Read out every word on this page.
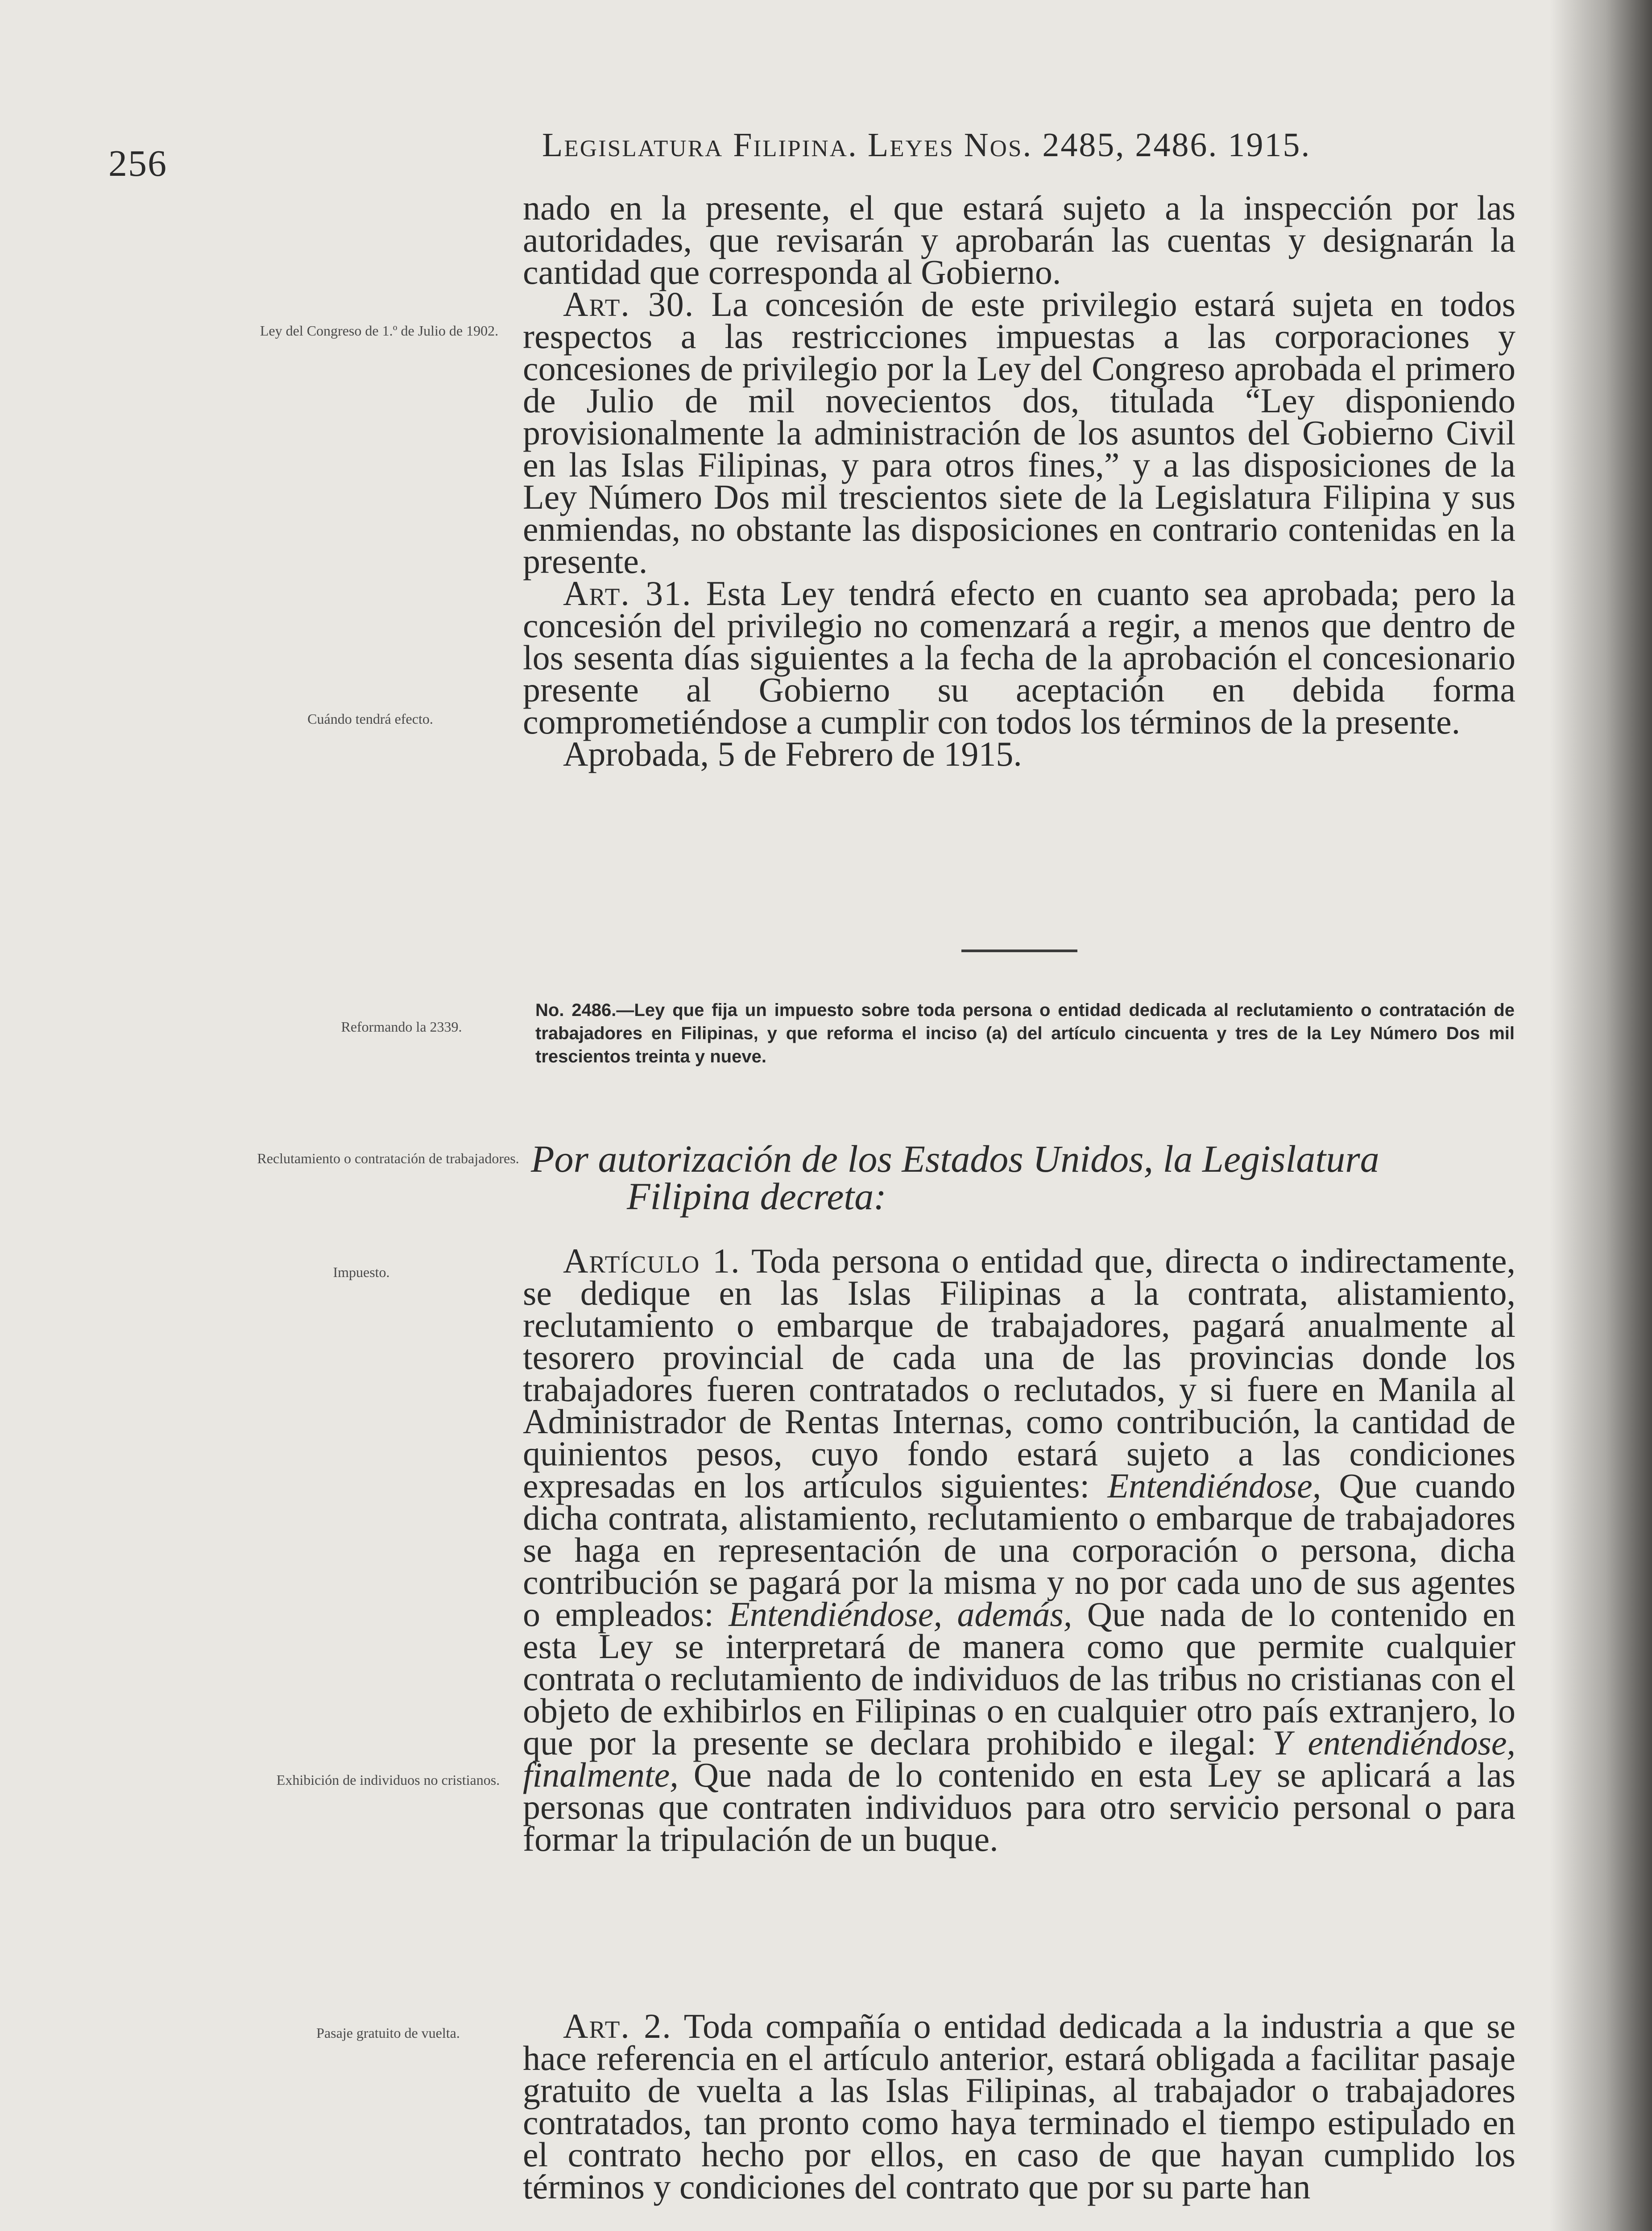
256	Legislatura Filipina. Leyes Nos. 2485, 2486. 1915.
Ley del Congreso de 1.º de Julio de 1902.
Cuándo tendrá efecto.
Reformando la 2339.
Reclutamiento o contratación de trabajadores.
Impuesto.
Exhibición de individuos no cristianos.
Pasaje gratuito de vuelta.

nado en la presente, el que estará sujeto a la inspección por las autoridades, que revisarán y aprobarán las cuentas y designarán la cantidad que corresponda al Gobierno.

Art. 30. La concesión de este privilegio estará sujeta en todos respectos a las restricciones impuestas a las corporaciones y concesiones de privilegio por la Ley del Congreso aprobada el primero de Julio de mil novecientos dos, titulada “Ley disponiendo provisionalmente la administración de los asuntos del Gobierno Civil en las Islas Filipinas, y para otros fines,” y a las disposiciones de la Ley Número Dos mil trescientos siete de la Legislatura Filipina y sus enmiendas, no obstante las disposiciones en contrario contenidas en la presente.

Art. 31. Esta Ley tendrá efecto en cuanto sea aprobada; pero la concesión del privilegio no comenzará a regir, a menos que dentro de los sesenta días siguientes a la fecha de la aprobación el concesionario presente al Gobierno su aceptación en debida forma comprometiéndose a cumplir con todos los términos de la presente.

Aprobada, 5 de Febrero de 1915.

No. 2486.—Ley que fija un impuesto sobre toda persona o entidad dedicada al reclutamiento o contratación de trabajadores en Filipinas, y que reforma el inciso (a) del artículo cincuenta y tres de la Ley Número Dos mil trescientos treinta y nueve.
Por autorización de los Estados Unidos, la Legislatura
Filipina decreta:

Artículo 1. Toda persona o entidad que, directa o indirectamente, se dedique en las Islas Filipinas a la contrata, alistamiento, reclutamiento o embarque de trabajadores, pagará anualmente al tesorero provincial de cada una de las provincias donde los trabajadores fueren contratados o reclutados, y si fuere en Manila al Administrador de Rentas Internas, como contribución, la cantidad de quinientos pesos, cuyo fondo estará sujeto a las condiciones expresadas en los artículos siguientes: Entendiéndose, Que cuando dicha contrata, alistamiento, reclutamiento o embarque de trabajadores se haga en representación de una corporación o persona, dicha contribución se pagará por la misma y no por cada uno de sus agentes o empleados: Entendiéndose, además, Que nada de lo contenido en esta Ley se interpretará de manera como que permite cualquier contrata o reclutamiento de individuos de las tribus no cristianas con el objeto de exhibirlos en Filipinas o en cualquier otro país extranjero, lo que por la presente se declara prohibido e ilegal: Y entendiéndose, finalmente, Que nada de lo contenido en esta Ley se aplicará a las personas que contraten individuos para otro servicio personal o para formar la tripulación de un buque.

Art. 2. Toda compañía o entidad dedicada a la industria a que se hace referencia en el artículo anterior, estará obligada a facilitar pasaje gratuito de vuelta a las Islas Filipinas, al trabajador o trabajadores contratados, tan pronto como haya terminado el tiempo estipulado en el contrato hecho por ellos, en caso de que hayan cumplido los términos y condiciones del contrato que por su parte han
